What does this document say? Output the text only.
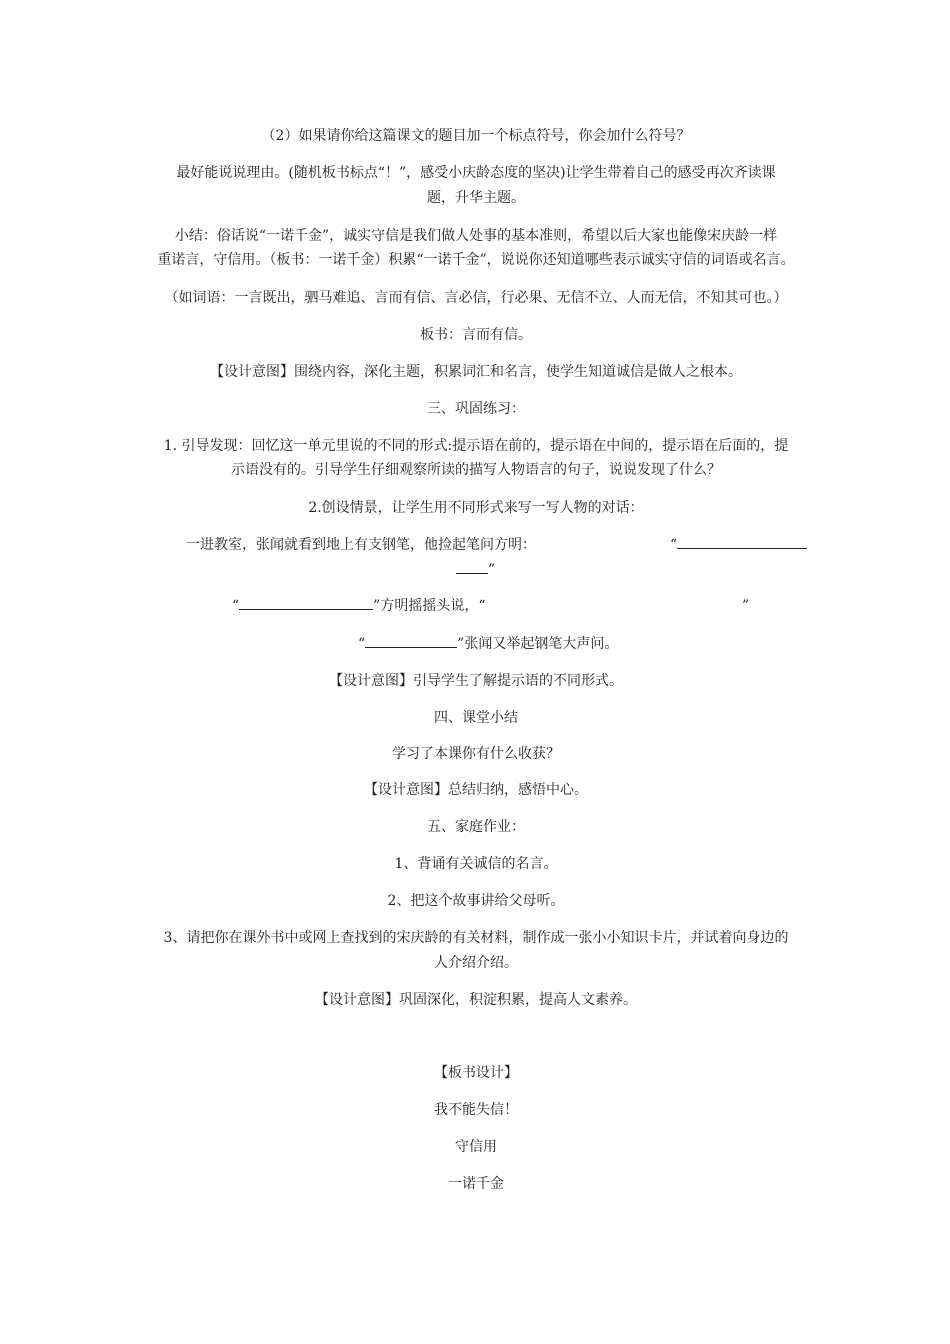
（2）如果请你给这篇课文的题目加一个标点符号，你会加什么符号？
最好能说说理由。(随机板书标点“！”，感受小庆龄态度的坚决)让学生带着自己的感受再次齐读课
题，升华主题。
小结：俗话说“一诺千金”，诚实守信是我们做人处事的基本准则，希望以后大家也能像宋庆龄一样
重诺言，守信用。（板书：一诺千金）积累“一诺千金”，说说你还知道哪些表示诚实守信的词语或名言。
（如词语：一言既出，驷马难追、言而有信、言必信，行必果、无信不立、人而无信，不知其可也。）
板书：言而有信。
【设计意图】围绕内容，深化主题，积累词汇和名言，使学生知道诚信是做人之根本。
三、巩固练习：
1. 引导发现：回忆这一单元里说的不同的形式:提示语在前的，提示语在中间的，提示语在后面的，提
示语没有的。引导学生仔细观察所读的描写人物语言的句子，说说发现了什么？
2.创设情景，让学生用不同形式来写一写人物的对话：
一进教室，张闻就看到地上有支钢笔，他捡起笔问方明：	“
”
“	”方明摇摇头说，“	”
“	”张闻又举起钢笔大声问。
【设计意图】引导学生了解提示语的不同形式。
四、课堂小结
学习了本课你有什么收获？
【设计意图】总结归纳，感悟中心。
五、家庭作业：
1、背诵有关诚信的名言。
2、把这个故事讲给父母听。
3、请把你在课外书中或网上查找到的宋庆龄的有关材料，制作成一张小小知识卡片，并试着向身边的
人介绍介绍。
【设计意图】巩固深化，积淀积累，提高人文素养。
【板书设计】
我不能失信！
守信用
一诺千金
